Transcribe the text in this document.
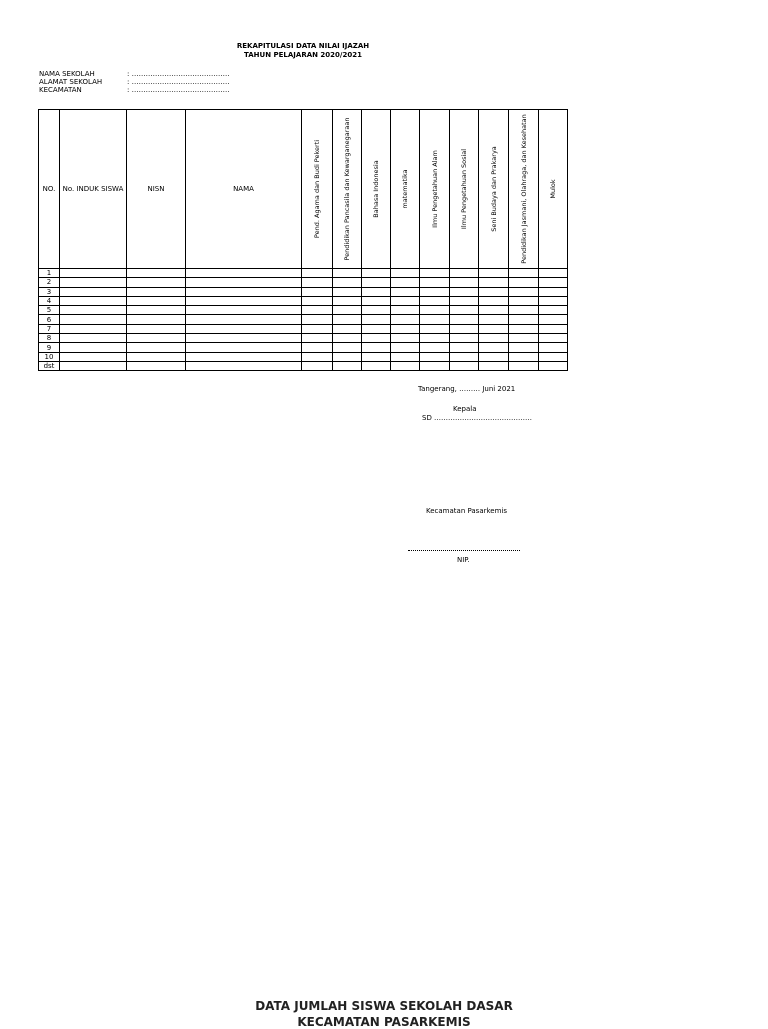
REKAPITULASI DATA NILAI IJAZAH
TAHUN PELAJARAN 2020/2021
NAMA SEKOLAH	: ……………………………………
ALAMAT SEKOLAH	: ……………………………………
KECAMATAN	: ……………………………………
NO.	No. INDUK SISWA	NISN	NAMA	Pend. Agama dan Budi Pekerti	Pendidikan Pancasila dan Kewarganegaraan	Bahasa Indonesia	matematika	Ilmu Pengetahuan Alam	Ilmu Pengetahuan Sosial	Seni Budaya dan Prakarya	Pendidikan Jasmani, Olahraga, dan Kesehatan	Mulok

1												
2												
3												
4												
5												
6												
7												
8												
9												
10												
dst												
Tangerang, ……… Juni 2021
Kepala
SD ……………………………………
Kecamatan Pasarkemis
NIP.
DATA JUMLAH SISWA SEKOLAH DASAR
KECAMATAN PASARKEMIS
